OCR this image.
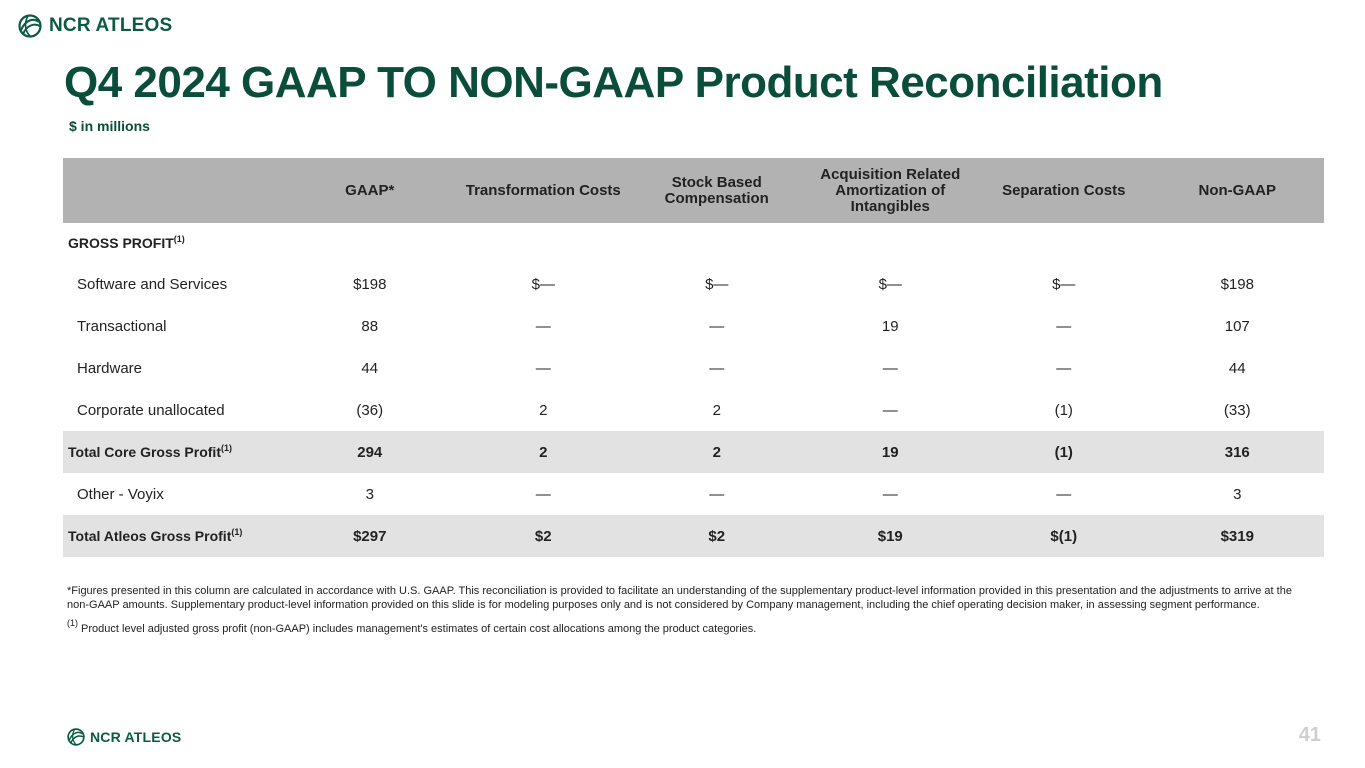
NCR ATLEOS
Q4 2024 GAAP TO NON-GAAP Product Reconciliation
$ in millions
	GAAP*	Transformation Costs	Stock Based Compensation	Acquisition Related Amortization of Intangibles	Separation Costs	Non-GAAP
GROSS PROFIT$^{(1)}$						
Software and Services	$198	$—	$—	$—	$—	$198
Transactional	88	—	—	19	—	107
Hardware	44	—	—	—	—	44
Corporate unallocated	(36)	2	2	—	(1)	(33)
Total Core Gross Profit$^{(1)}$	294	2	2	19	(1)	316
Other - Voyix	3	—	—	—	—	3
Total Atleos Gross Profit$^{(1)}$	$297	$2	$2	$19	$(1)	$319

*Figures presented in this column are calculated in accordance with U.S. GAAP. This reconciliation is provided to facilitate an understanding of the supplementary product-level information provided in this presentation and the adjustments to arrive at the non-GAAP amounts. Supplementary product-level information provided on this slide is for modeling purposes only and is not considered by Company management, including the chief operating decision maker, in assessing segment performance.

$^{(1)}$ Product level adjusted gross profit (non-GAAP) includes management's estimates of certain cost allocations among the product categories.

NCR ATLEOS	41
